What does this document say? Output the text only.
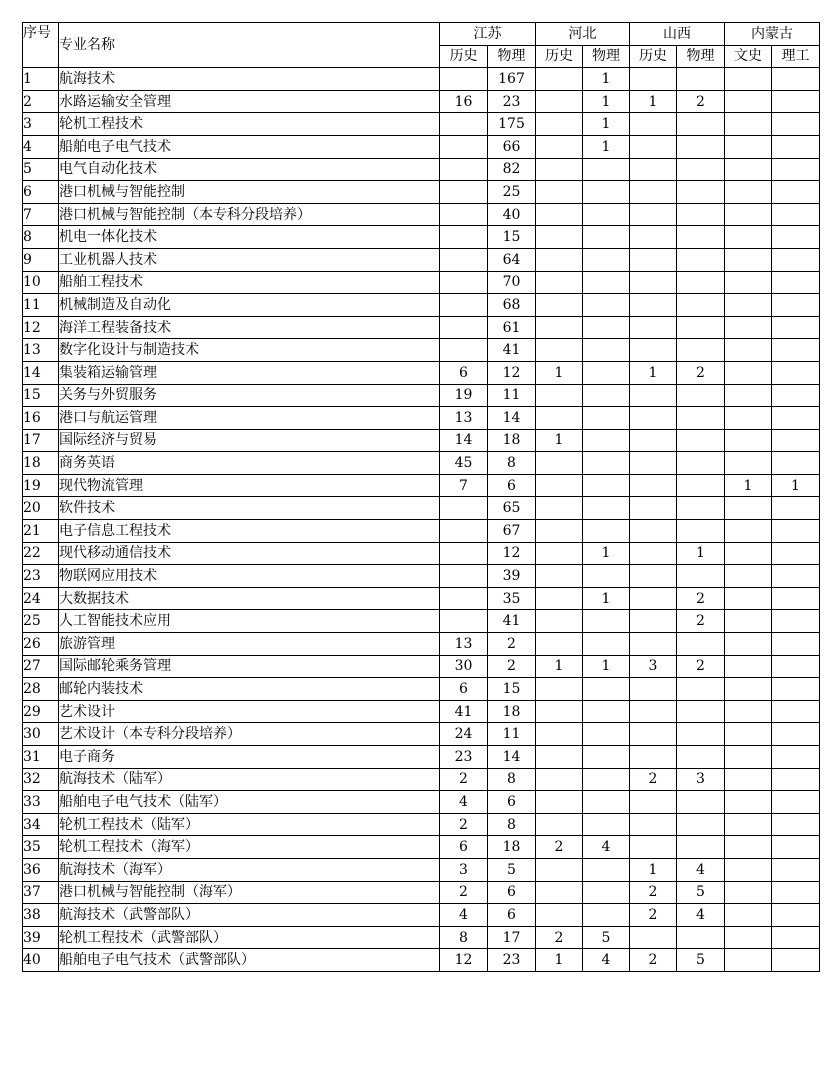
序号	专业名称	江苏		河北		山西		内蒙古	
		历史	物理	历史	物理	历史	物理	文史	理工
1	航海技术		167		1				
2	水路运输安全管理	16	23		1	1	2		
3	轮机工程技术		175		1				
4	船舶电子电气技术		66		1				
5	电气自动化技术		82						
6	港口机械与智能控制		25						
7	港口机械与智能控制（本专科分段培养）		40						
8	机电一体化技术		15						
9	工业机器人技术		64						
10	船舶工程技术		70						
11	机械制造及自动化		68						
12	海洋工程装备技术		61						
13	数字化设计与制造技术		41						
14	集装箱运输管理	6	12	1		1	2		
15	关务与外贸服务	19	11						
16	港口与航运管理	13	14						
17	国际经济与贸易	14	18	1					
18	商务英语	45	8						
19	现代物流管理	7	6					1	1
20	软件技术		65						
21	电子信息工程技术		67						
22	现代移动通信技术		12		1		1		
23	物联网应用技术		39						
24	大数据技术		35		1		2		
25	人工智能技术应用		41				2		
26	旅游管理	13	2						
27	国际邮轮乘务管理	30	2	1	1	3	2		
28	邮轮内装技术	6	15						
29	艺术设计	41	18						
30	艺术设计（本专科分段培养）	24	11						
31	电子商务	23	14						
32	航海技术（陆军）	2	8			2	3		
33	船舶电子电气技术（陆军）	4	6						
34	轮机工程技术（陆军）	2	8						
35	轮机工程技术（海军）	6	18	2	4				
36	航海技术（海军）	3	5			1	4		
37	港口机械与智能控制（海军）	2	6			2	5		
38	航海技术（武警部队）	4	6			2	4		
39	轮机工程技术（武警部队）	8	17	2	5				
40	船舶电子电气技术（武警部队）	12	23	1	4	2	5		
